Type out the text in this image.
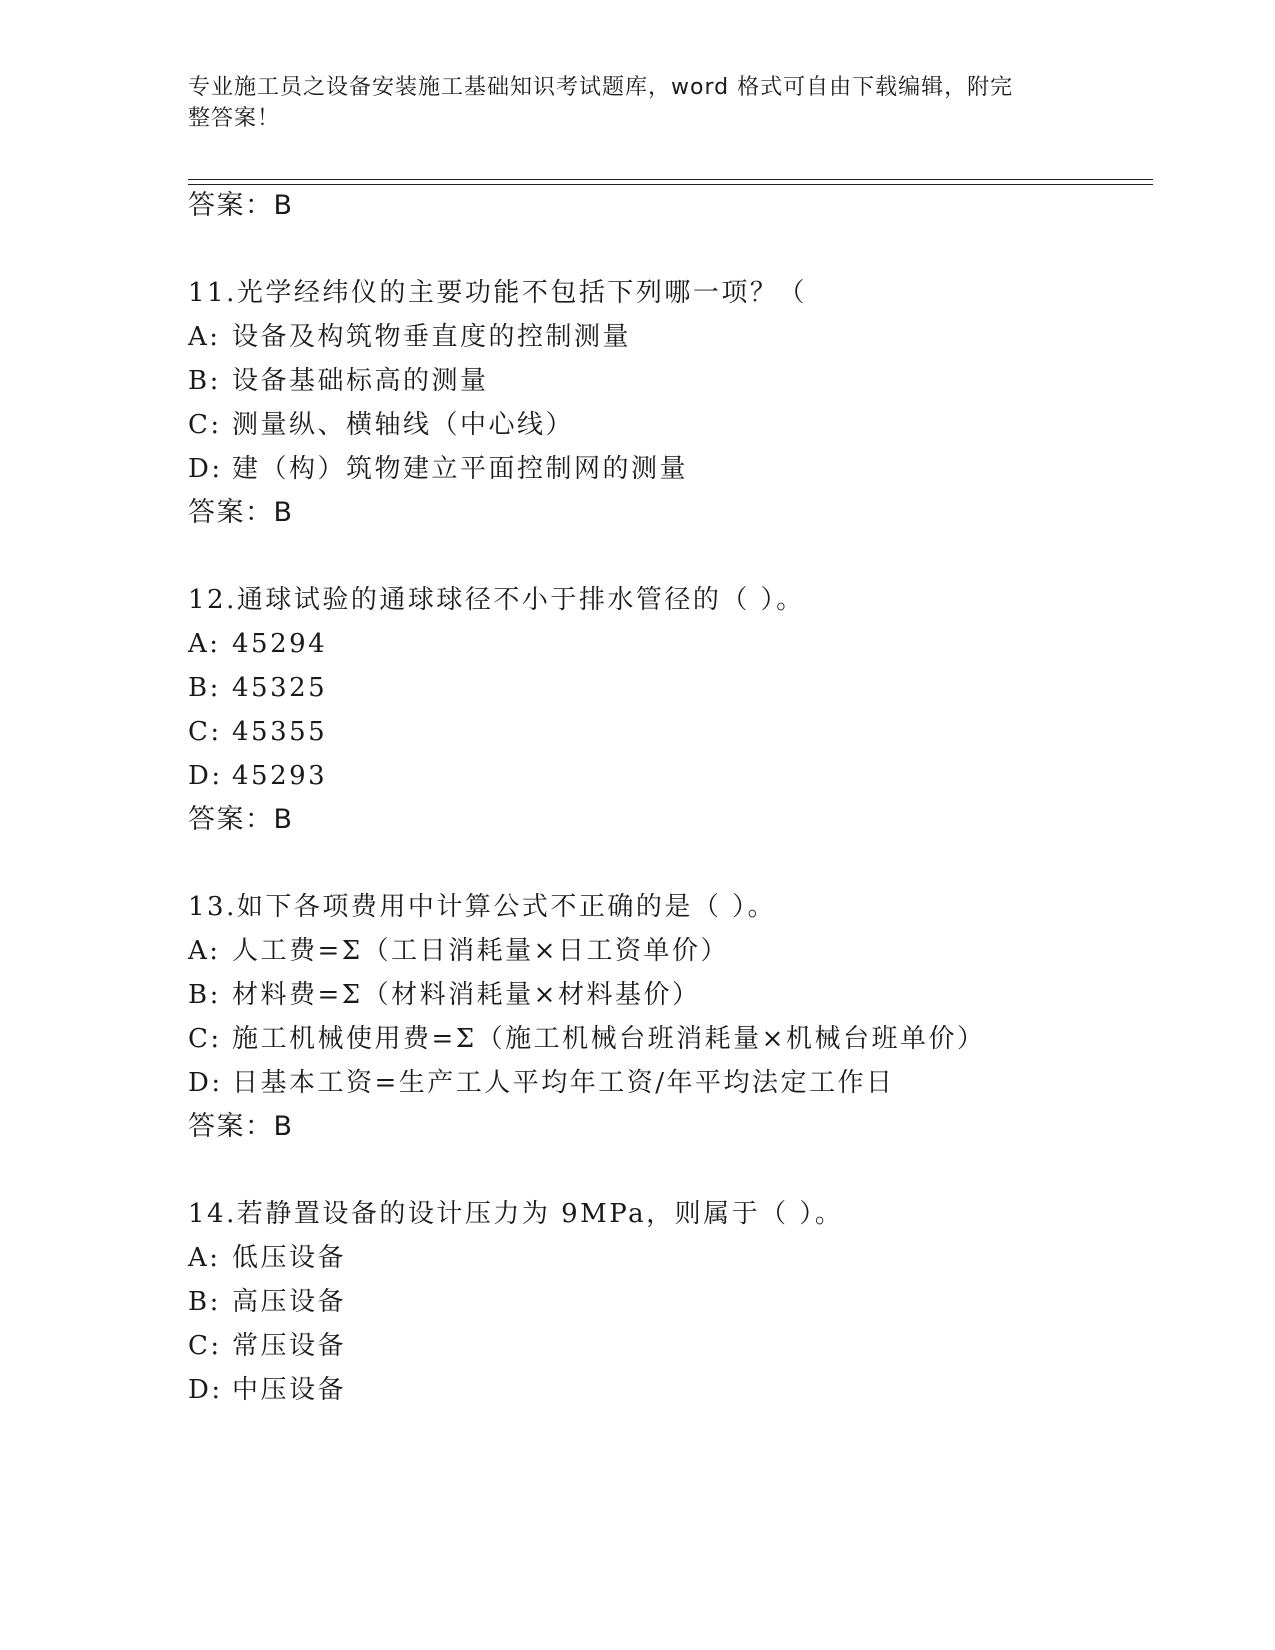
专业施工员之设备安装施工基础知识考试题库，word 格式可自由下载编辑，附完
整答案！
答案：B
11.光学经纬仪的主要功能不包括下列哪一项？（
A: 设备及构筑物垂直度的控制测量
B: 设备基础标高的测量
C: 测量纵、横轴线（中心线）
D: 建（构）筑物建立平面控制网的测量
答案：B
12.通球试验的通球球径不小于排水管径的（ ）。
A: 45294
B: 45325
C: 45355
D: 45293
答案：B
13.如下各项费用中计算公式不正确的是（ ）。
A: 人工费=Σ（工日消耗量×日工资单价）
B: 材料费=Σ（材料消耗量×材料基价）
C: 施工机械使用费=Σ（施工机械台班消耗量×机械台班单价）
D: 日基本工资=生产工人平均年工资/年平均法定工作日
答案：B
14.若静置设备的设计压力为 9MPa，则属于（ ）。
A: 低压设备
B: 高压设备
C: 常压设备
D: 中压设备
